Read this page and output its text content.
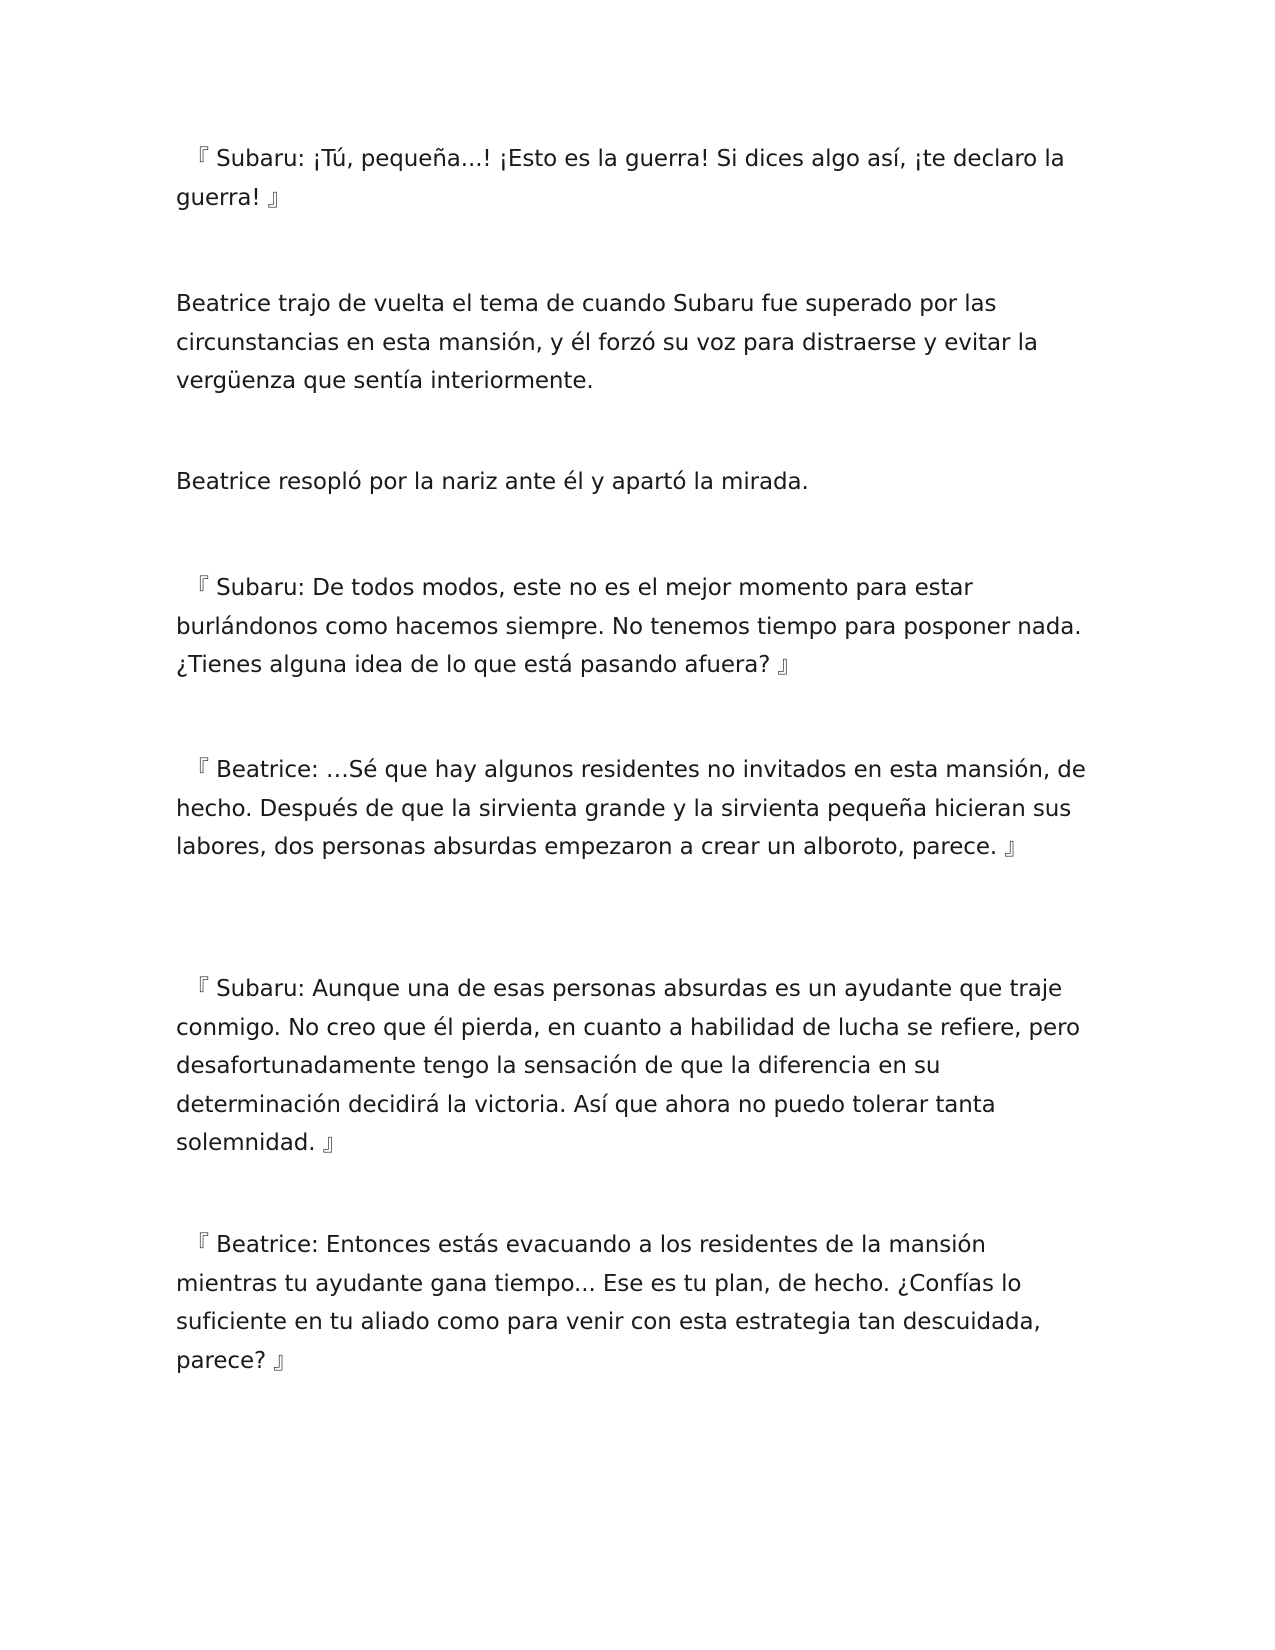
『 Subaru: ¡Tú, pequeña...! ¡Esto es la guerra! Si dices algo así, ¡te declaro la guerra! 』

Beatrice trajo de vuelta el tema de cuando Subaru fue superado por las circunstancias en esta mansión, y él forzó su voz para distraerse y evitar la vergüenza que sentía interiormente.

Beatrice resopló por la nariz ante él y apartó la mirada.

『 Subaru: De todos modos, este no es el mejor momento para estar burlándonos como hacemos siempre. No tenemos tiempo para posponer nada. ¿Tienes alguna idea de lo que está pasando afuera? 』

『 Beatrice: …Sé que hay algunos residentes no invitados en esta mansión, de hecho. Después de que la sirvienta grande y la sirvienta pequeña hicieran sus labores, dos personas absurdas empezaron a crear un alboroto, parece. 』

『 Subaru: Aunque una de esas personas absurdas es un ayudante que traje conmigo. No creo que él pierda, en cuanto a habilidad de lucha se refiere, pero desafortunadamente tengo la sensación de que la diferencia en su determinación decidirá la victoria. Así que ahora no puedo tolerar tanta solemnidad. 』

『 Beatrice: Entonces estás evacuando a los residentes de la mansión mientras tu ayudante gana tiempo... Ese es tu plan, de hecho. ¿Confías lo suficiente en tu aliado como para venir con esta estrategia tan descuidada, parece? 』
